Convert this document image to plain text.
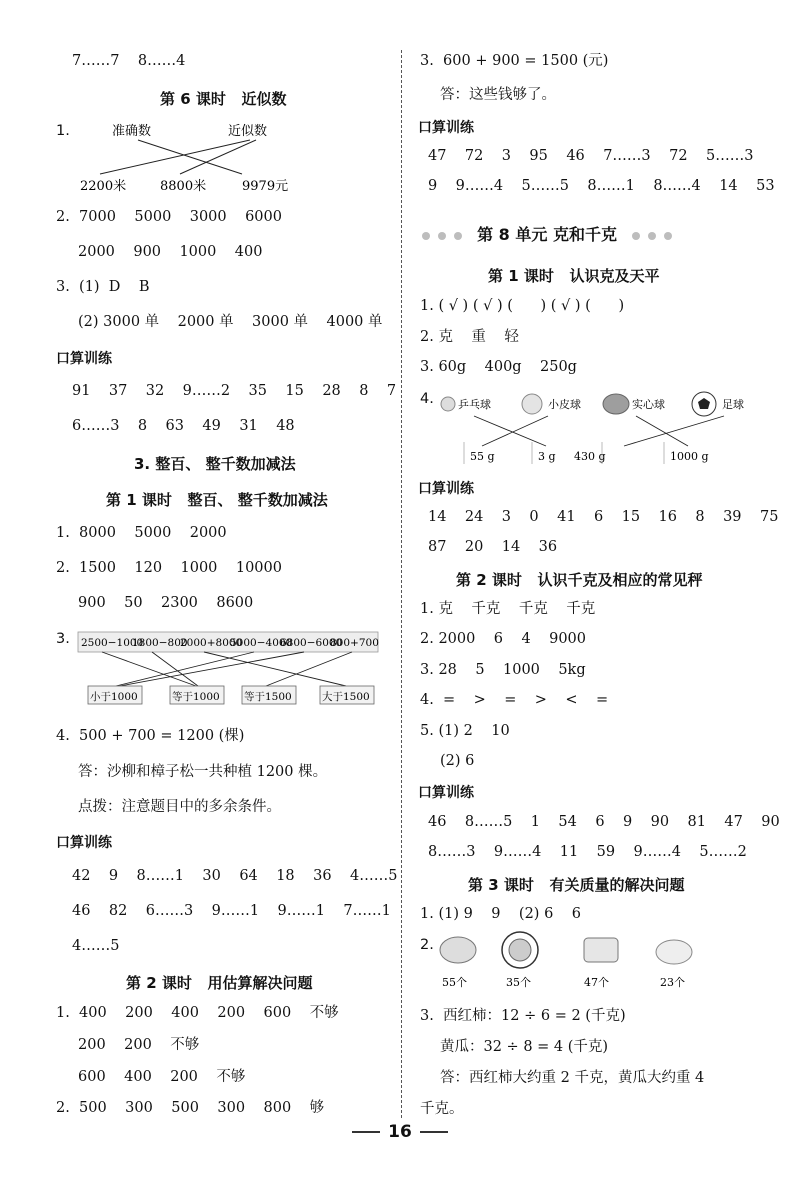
7……7    8……4
第 6 课时   近似数
1.	准确数	近似数
2200米	8800米	9979元
2.  7000    5000    3000    6000
2000    900    1000    400
3.  (1)  D    B
(2) 3000 单    2000 单    3000 单    4000 单
口算训练
91    37    32    9……2    35    15    28    8    7
6……3    8    63    49    31    48
3. 整百、 整千数加减法
第 1 课时   整百、 整千数加减法
1.  8000    5000    2000
2.  1500    120    1000    10000
900    50    2300    8600
3. 2500−1000
1800−800
2000+8000
5000−4000
6800−6000
800+700
小于1000	等于1000 等于1500	大于1500
4.  500 + 700 = 1200 (棵)
答：沙柳和樟子松一共种植 1200 棵。
点拨：注意题目中的多余条件。
口算训练
42    9    8……1    30    64    18    36    4……5
46    82    6……3    9……1    9……1    7……1
4……5
第 2 课时   用估算解决问题
1.  400    200    400    200    600    不够
200    200    不够
600    400    200    不够
2.  500    300    500    300    800    够
3.  600 + 900 = 1500 (元)
答：这些钱够了。
口算训练
47    72    3    95    46    7……3    72    5……3
9    9……4    5……5    8……1    8……4    14    53
第 8 单元 克和千克
第 1 课时   认识克及天平
1. ( √ ) ( √ ) (      ) ( √ ) (      )
2. 克    重    轻
3. 60g    400g    250g
4. 乒乓球	小皮球	实心球	足球
55 g	3 g 430 g	1000 g
口算训练
14    24    3    0    41    6    15    16    8    39    75
87    20    14    36
第 2 课时   认识千克及相应的常见秤
1. 克    千克    千克    千克
2. 2000    6    4    9000
3. 28    5    1000    5kg
4.  =    >    =    >    <    =
5. (1) 2    10
(2) 6
口算训练
46    8……5    1    54    6    9    90    81    47    90
8……3    9……4    11    59    9……4    5……2
第 3 课时   有关质量的解决问题
1. (1) 9    9    (2) 6    6
2.
55个	35个	47个	23个
3.  西红柿：12 ÷ 6 = 2 (千克)
黄瓜：32 ÷ 8 = 4 (千克)
答：西红柿大约重 2 千克，黄瓜大约重 4
千克。
16
